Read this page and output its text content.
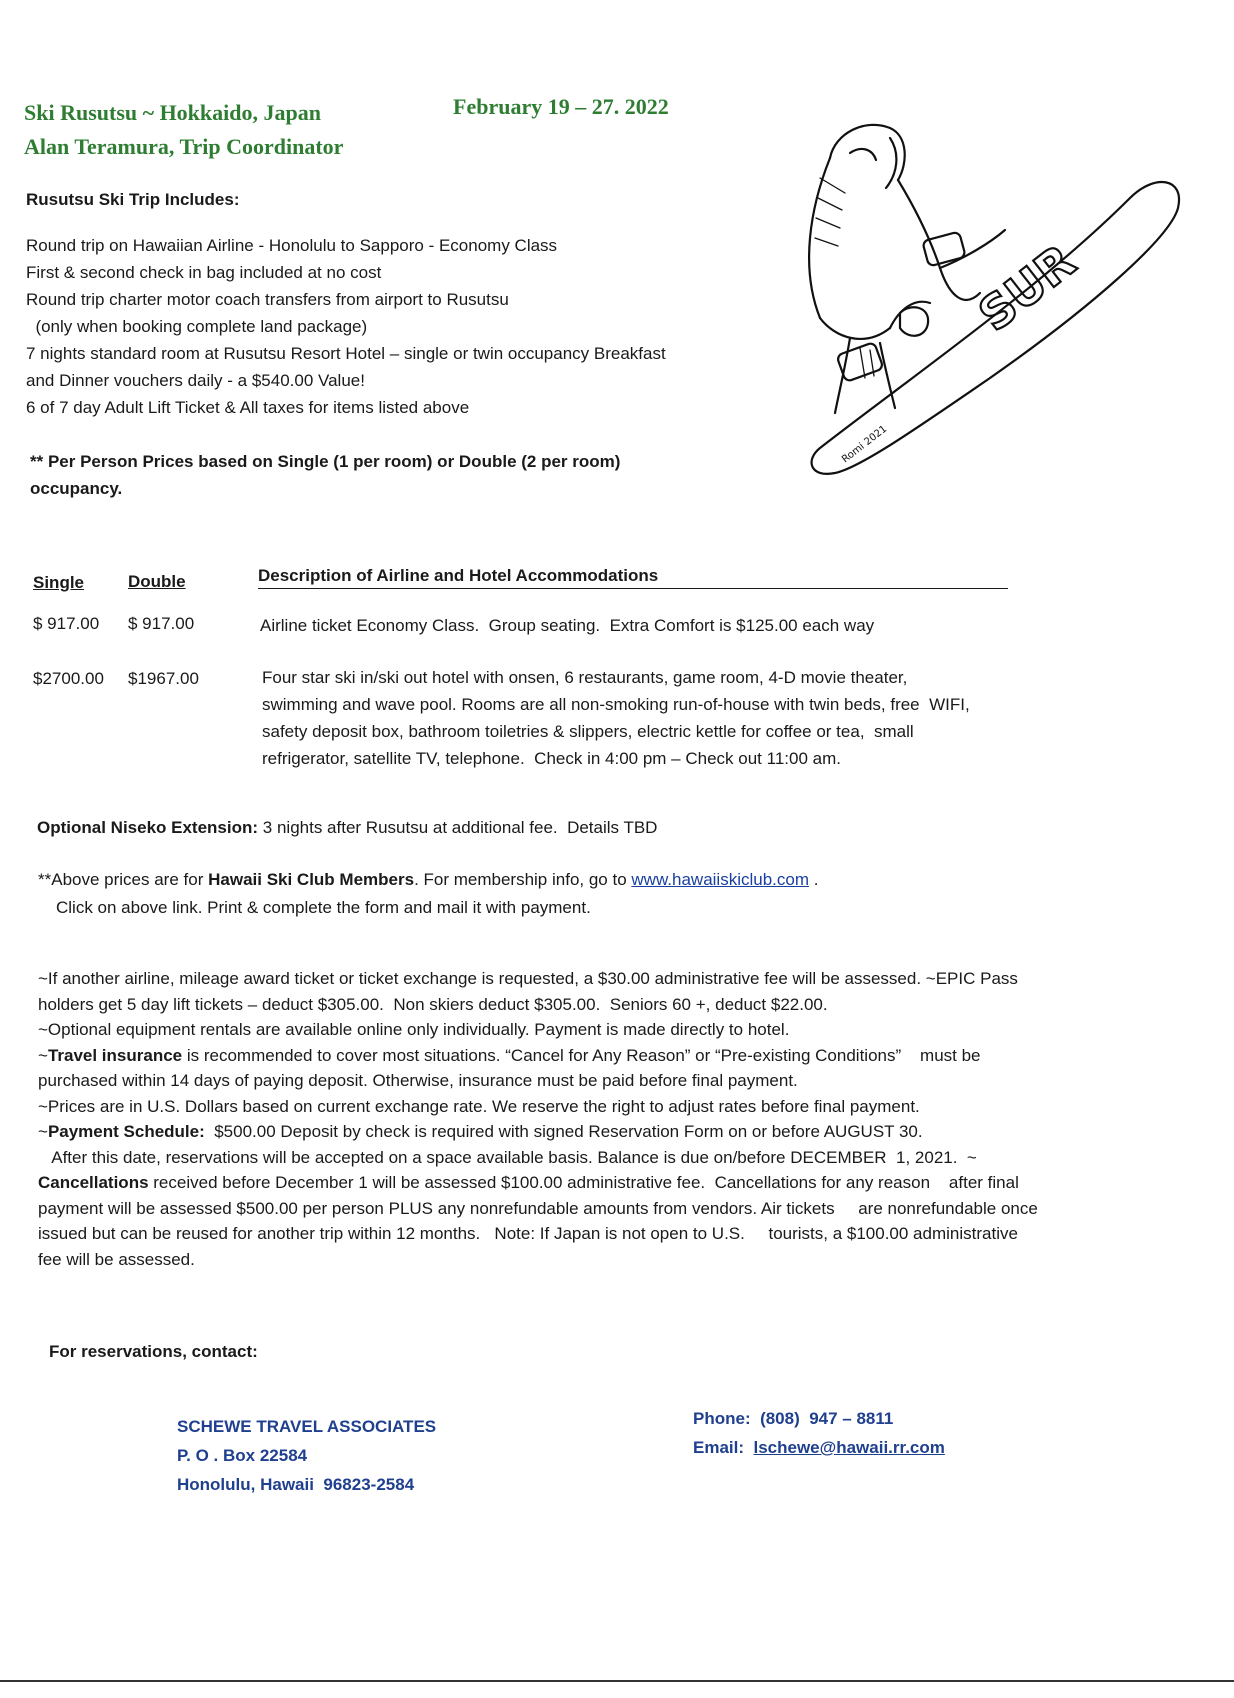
Ski Rusutsu ~ Hokkaido, Japan	February 19 – 27. 2022
Alan Teramura, Trip Coordinator
SUR
Romi 2021
Rusutsu Ski Trip Includes:
Round trip on Hawaiian Airline - Honolulu to Sapporo - Economy Class
First & second check in bag included at no cost
Round trip charter motor coach transfers from airport to Rusutsu
(only when booking complete land package)
7 nights standard room at Rusutsu Resort Hotel – single or twin occupancy Breakfast
and Dinner vouchers daily - a $540.00 Value!
6 of 7 day Adult Lift Ticket & All taxes for items listed above
** Per Person Prices based on Single (1 per room) or Double (2 per room)
occupancy.
Single	Double	Description of Airline and Hotel Accommodations
$ 917.00 $ 917.00	Airline ticket Economy Class.  Group seating.  Extra Comfort is $125.00 each way
$2700.00 $1967.00	Four star ski in/ski out hotel with onsen, 6 restaurants, game room, 4-D movie theater,
swimming and wave pool. Rooms are all non-smoking run-of-house with twin beds, free  WIFI,
safety deposit box, bathroom toiletries & slippers, electric kettle for coffee or tea,  small
refrigerator, satellite TV, telephone.  Check in 4:00 pm – Check out 11:00 am.
Optional Niseko Extension: 3 nights after Rusutsu at additional fee.  Details TBD
**Above prices are for Hawaii Ski Club Members. For membership info, go to www.hawaiiskiclub.com .
Click on above link. Print & complete the form and mail it with payment.
~If another airline, mileage award ticket or ticket exchange is requested, a $30.00 administrative fee will be assessed. ~EPIC Pass
holders get 5 day lift tickets – deduct $305.00.  Non skiers deduct $305.00.  Seniors 60 +, deduct $22.00.
~Optional equipment rentals are available online only individually. Payment is made directly to hotel.
~Travel insurance is recommended to cover most situations. “Cancel for Any Reason” or “Pre-existing Conditions”    must be
purchased within 14 days of paying deposit. Otherwise, insurance must be paid before final payment.
~Prices are in U.S. Dollars based on current exchange rate. We reserve the right to adjust rates before final payment.
~Payment Schedule:  $500.00 Deposit by check is required with signed Reservation Form on or before AUGUST 30.
After this date, reservations will be accepted on a space available basis. Balance is due on/before DECEMBER  1, 2021.  ~
Cancellations received before December 1 will be assessed $100.00 administrative fee.  Cancellations for any reason    after final
payment will be assessed $500.00 per person PLUS any nonrefundable amounts from vendors. Air tickets     are nonrefundable once
issued but can be reused for another trip within 12 months.   Note: If Japan is not open to U.S.     tourists, a $100.00 administrative
fee will be assessed.
For reservations, contact:
SCHEWE TRAVEL ASSOCIATES
P. O . Box 22584
Honolulu, Hawaii  96823-2584
Phone: (808)  947 – 8811
Email: lschewe@hawaii.rr.com
